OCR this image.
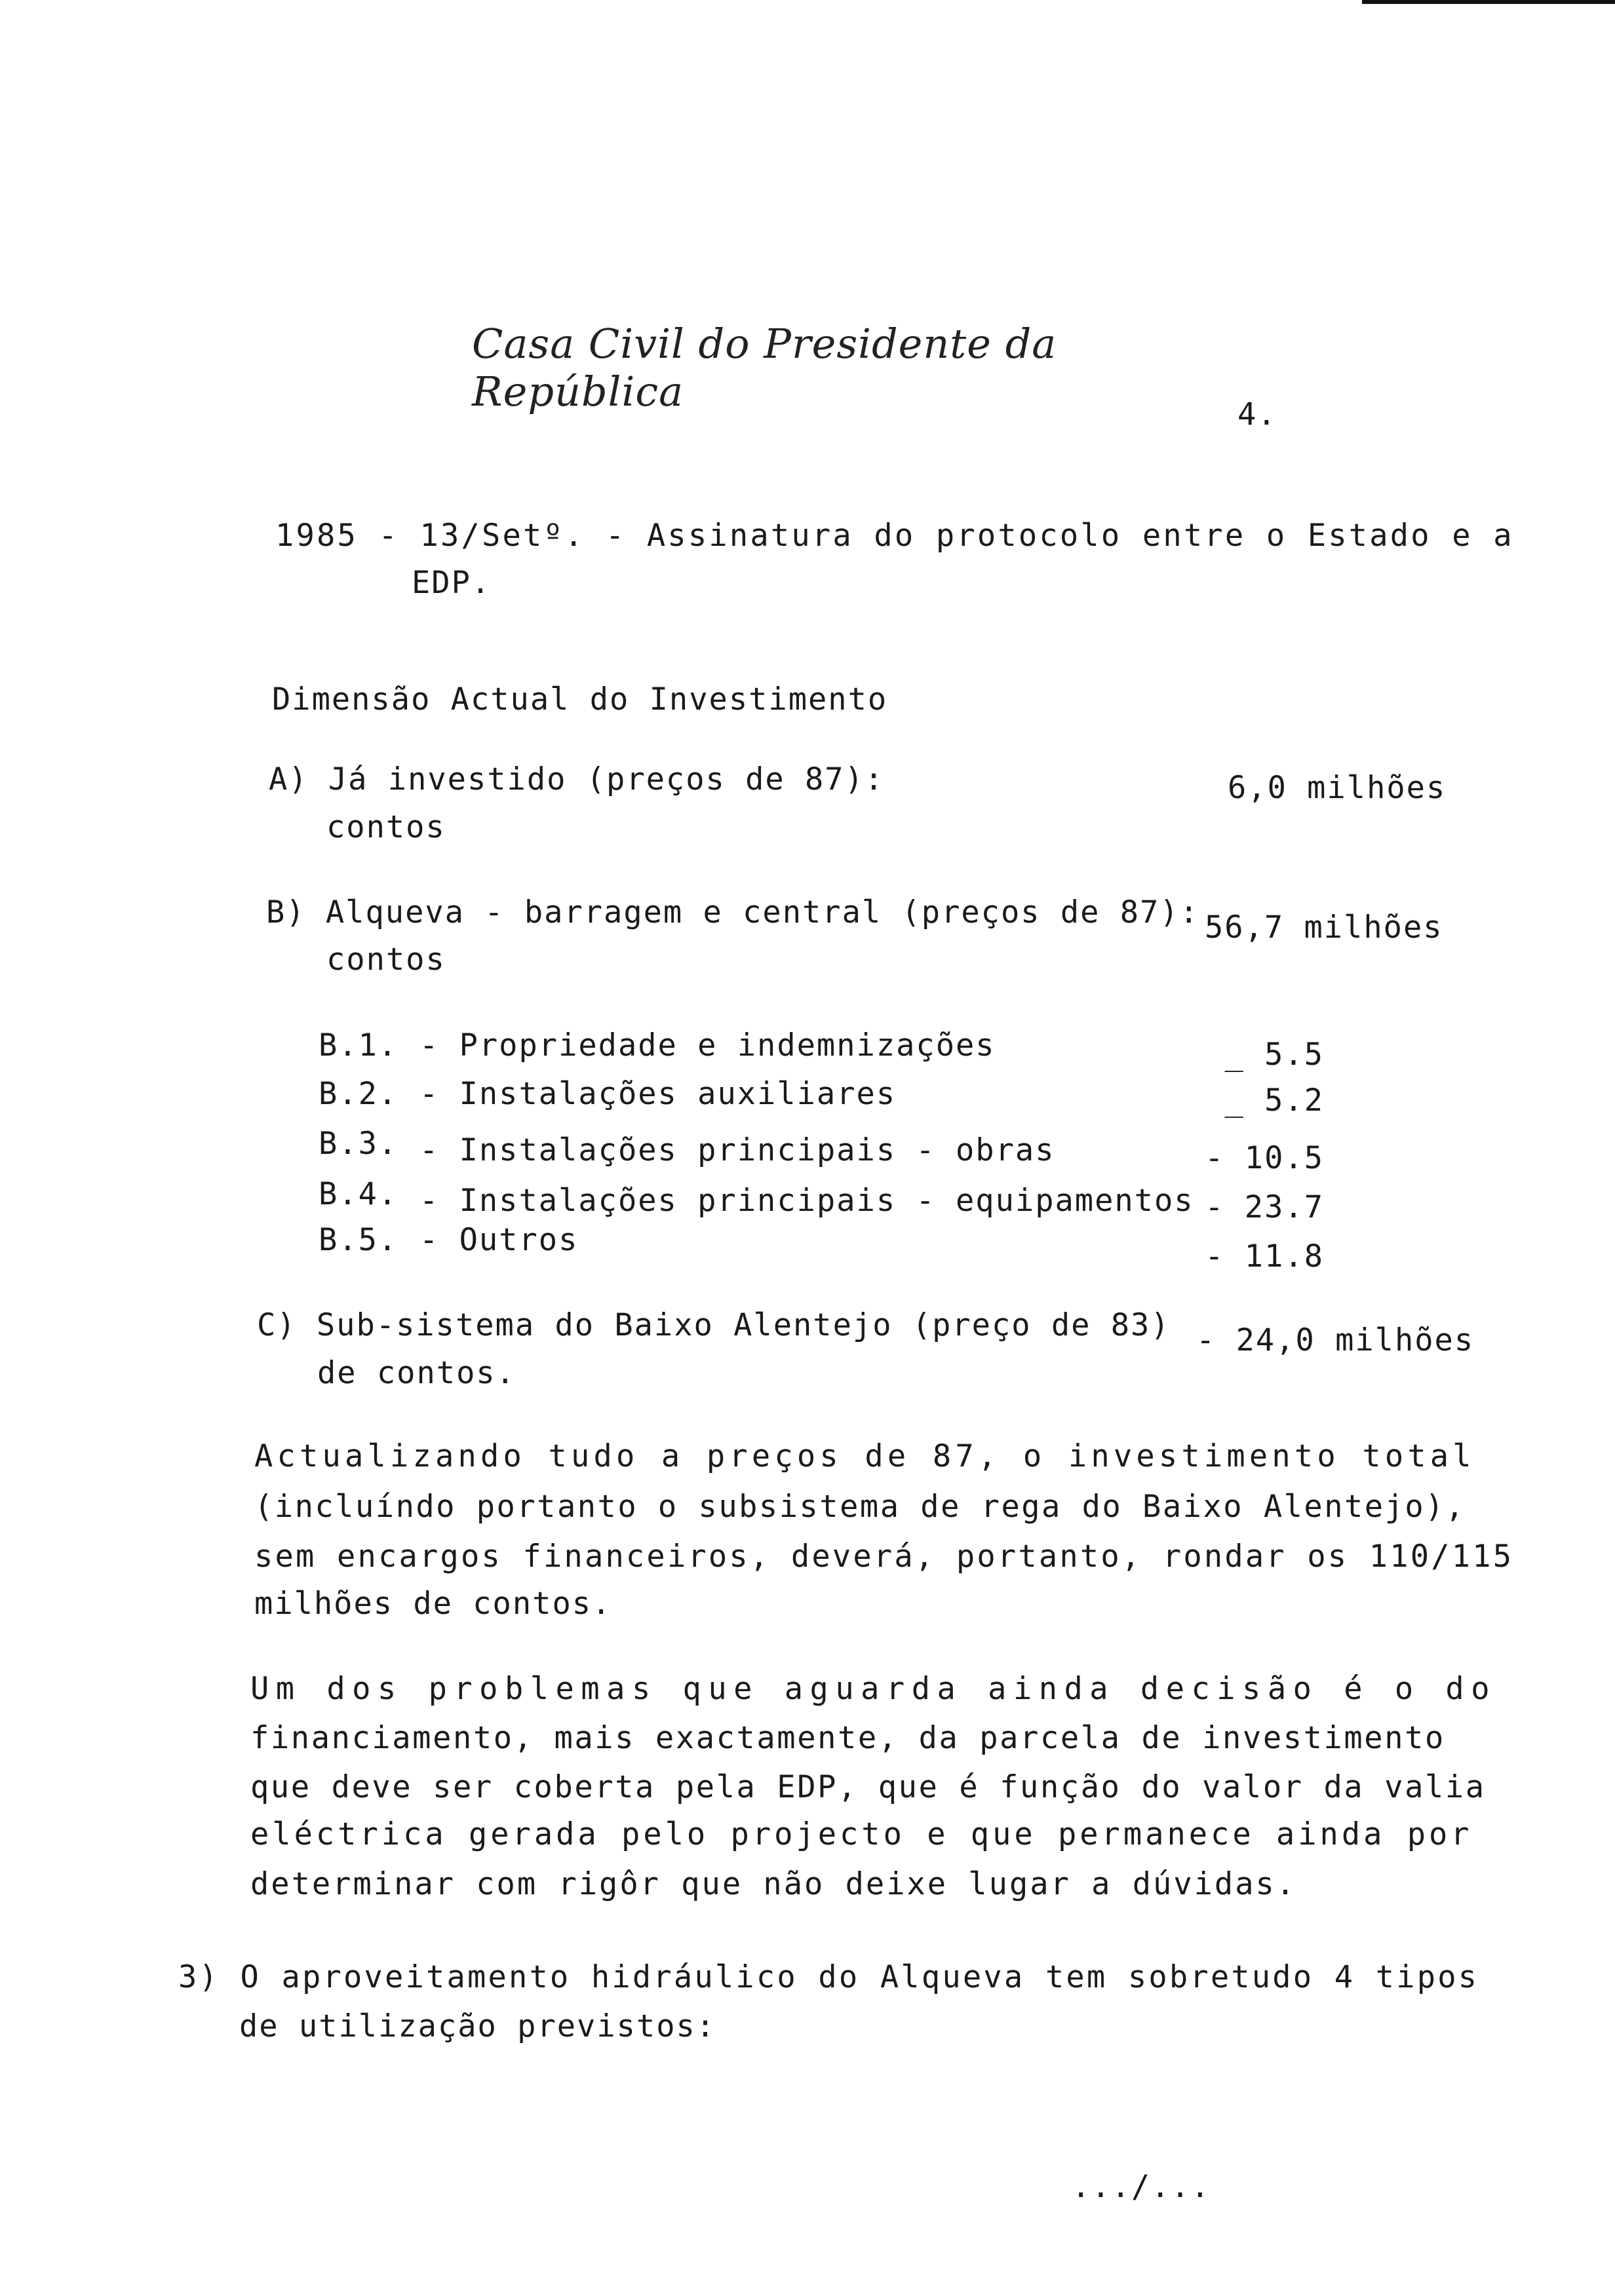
Casa Civil do Presidente da República	4.
1985 - 13/Setº. - Assinatura do protocolo entre o Estado e a
EDP.
Dimensão Actual do Investimento
A) Já investido (preços de 87):	6,0 milhões
contos
B) Alqueva - barragem e central (preços de 87): 56,7 milhões
contos
B.1. - Propriedade e indemnizações	_ 5.5
B.2. - Instalações auxiliares	_ 5.2
B.3. - Instalações principais - obras	- 10.5
B.4. - Instalações principais - equipamentos - 23.7
B.5. - Outros	- 11.8
C) Sub-sistema do Baixo Alentejo (preço de 83) - 24,0 milhões
de contos.
Actualizando tudo a preços de 87, o investimento total
(incluíndo portanto o subsistema de rega do Baixo Alentejo),
sem encargos financeiros, deverá, portanto, rondar os 110/115
milhões de contos.
Um dos problemas que aguarda ainda decisão é o do
financiamento, mais exactamente, da parcela de investimento
que deve ser coberta pela EDP, que é função do valor da valia
eléctrica gerada pelo projecto e que permanece ainda por
determinar com rigôr que não deixe lugar a dúvidas.
3) O aproveitamento hidráulico do Alqueva tem sobretudo 4 tipos
de utilização previstos:
.../...
